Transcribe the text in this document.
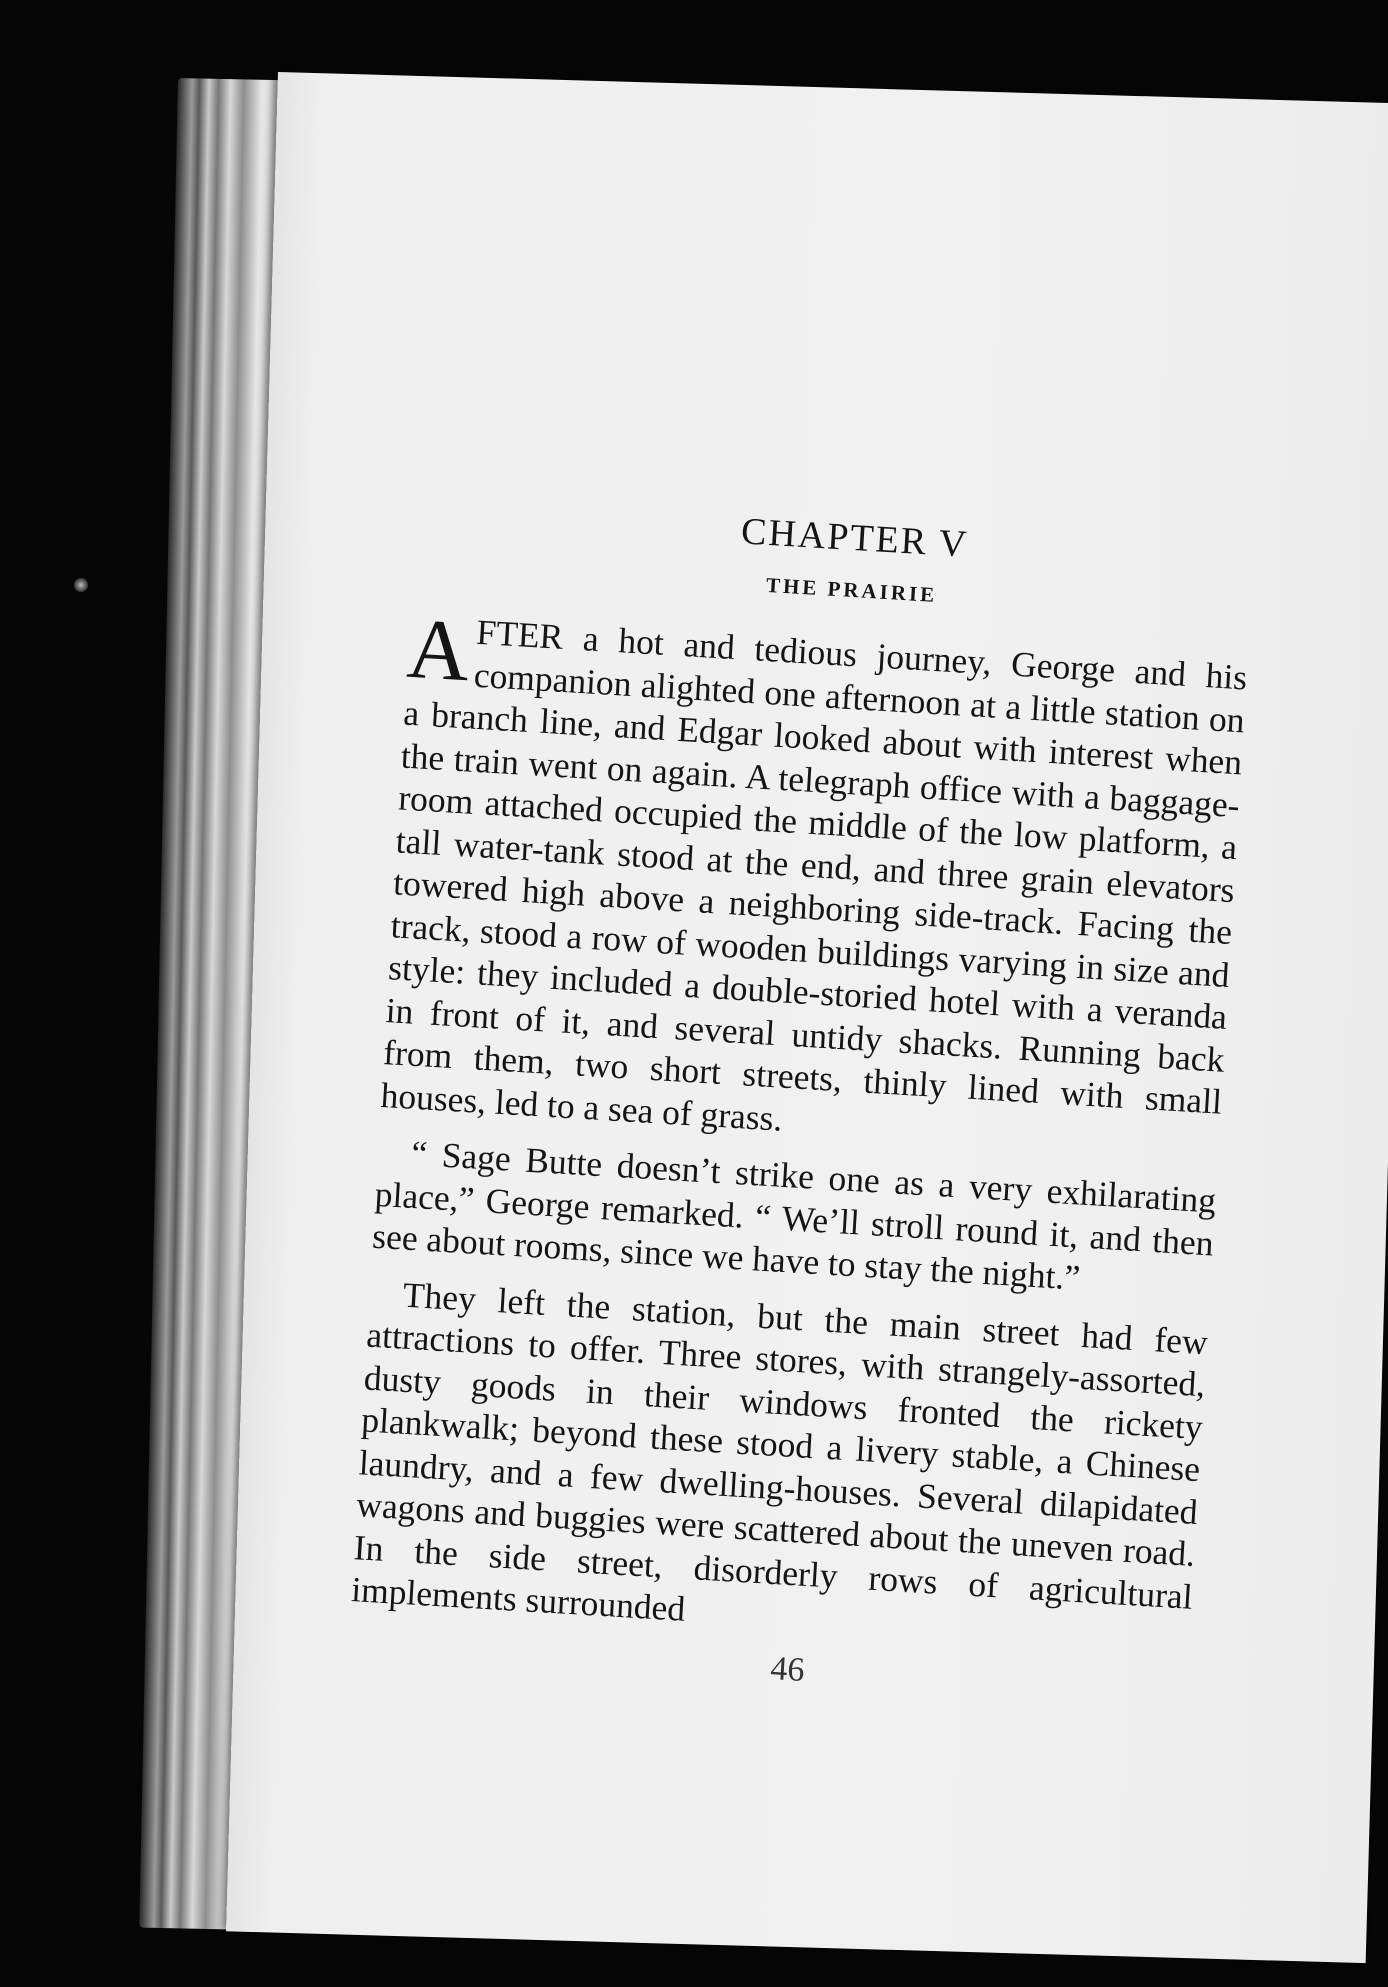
CHAPTER V
THE PRAIRIE

A FTER a hot and tedious journey, George and his companion alighted one afternoon at a little station on a branch line, and Edgar looked about with interest when the train went on again. A telegraph office with a baggage-room attached occupied the middle of the low platform, a tall water-tank stood at the end, and three grain elevators towered high above a neighboring side-track. Facing the track, stood a row of wooden buildings varying in size and style: they included a double-storied hotel with a veranda in front of it, and several untidy shacks. Running back from them, two short streets, thinly lined with small houses, led to a sea of grass.

“ Sage Butte doesn’t strike one as a very exhilarating place,” George remarked. “ We’ll stroll round it, and then see about rooms, since we have to stay the night.”

They left the station, but the main street had few attractions to offer. Three stores, with strangely-assorted, dusty goods in their windows fronted the rickety plankwalk; beyond these stood a livery stable, a Chinese laundry, and a few dwelling-houses. Several dilapidated wagons and buggies were scattered about the uneven road. In the side street, disorderly rows of agricultural implements surrounded

46
